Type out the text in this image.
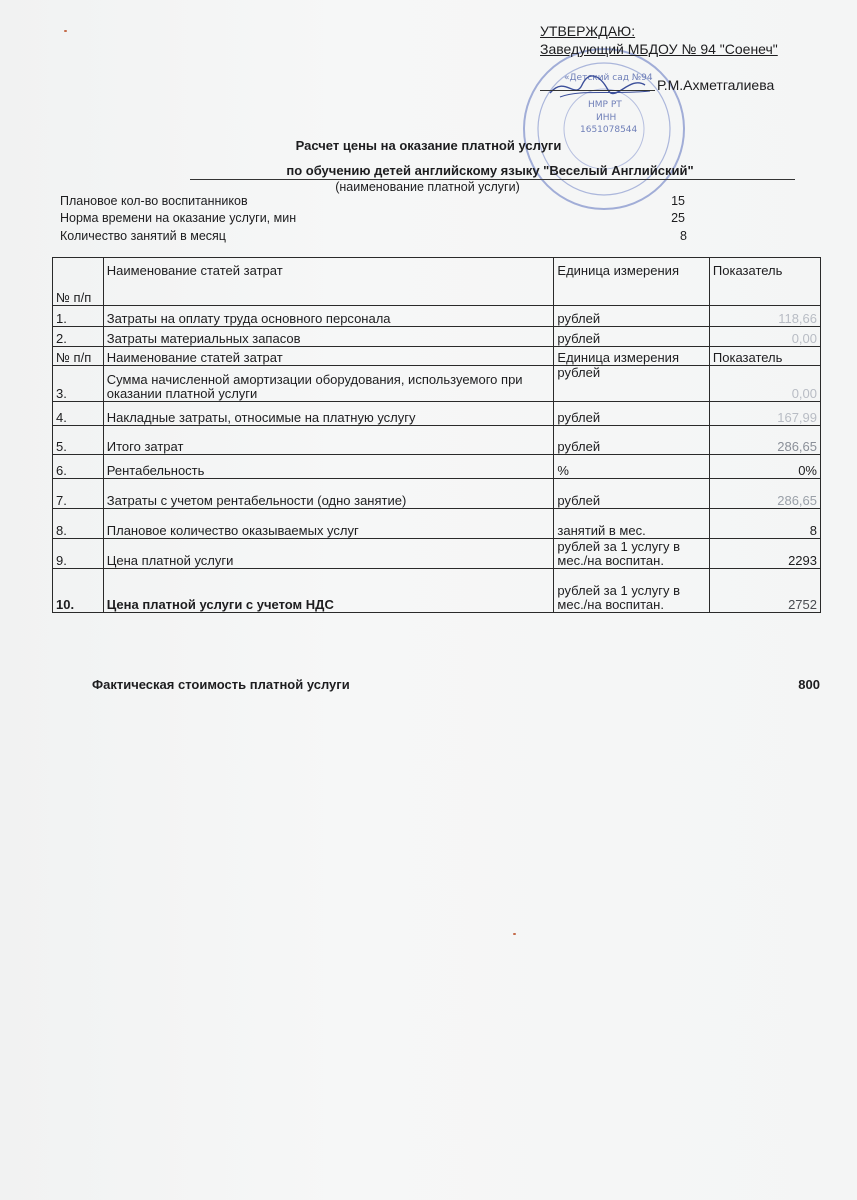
«Детский сад №94
НМР РТ
ИНН
1651078544
УТВЕРЖДАЮ:
Заведующий МБДОУ № 94 "Соенеч"
Р.М.Ахметгалиева
Расчет цены на оказание платной услуги
по обучению детей английскому языку "Веселый Английский"
(наименование платной услуги)
Плановое кол-во воспитанников	15
Норма времени на оказание услуги, мин	25
Количество занятий в месяц	8
№ п/п	Наименование статей затрат	Единица измерения	Показатель
1.	Затраты на оплату труда основного персонала	рублей	118,66
2.	Затраты материальных запасов	рублей	0,00
№ п/п	Наименование статей затрат	Единица измерения	Показатель
3.	Сумма начисленной амортизации оборудования, используемого при оказании платной услуги	рублей	0,00
4.	Накладные затраты, относимые на платную услугу	рублей	167,99
5.	Итого затрат	рублей	286,65
6.	Рентабельность	%	0%
7.	Затраты с учетом рентабельности (одно занятие)	рублей	286,65
8.	Плановое количество оказываемых услуг	занятий в мес.	8
9.	Цена платной услуги	рублей за 1 услугу в мес./на воспитан.	2293
10.	Цена платной услуги с учетом НДС	рублей за 1 услугу в мес./на воспитан.	2752
Фактическая стоимость платной услуги	800
